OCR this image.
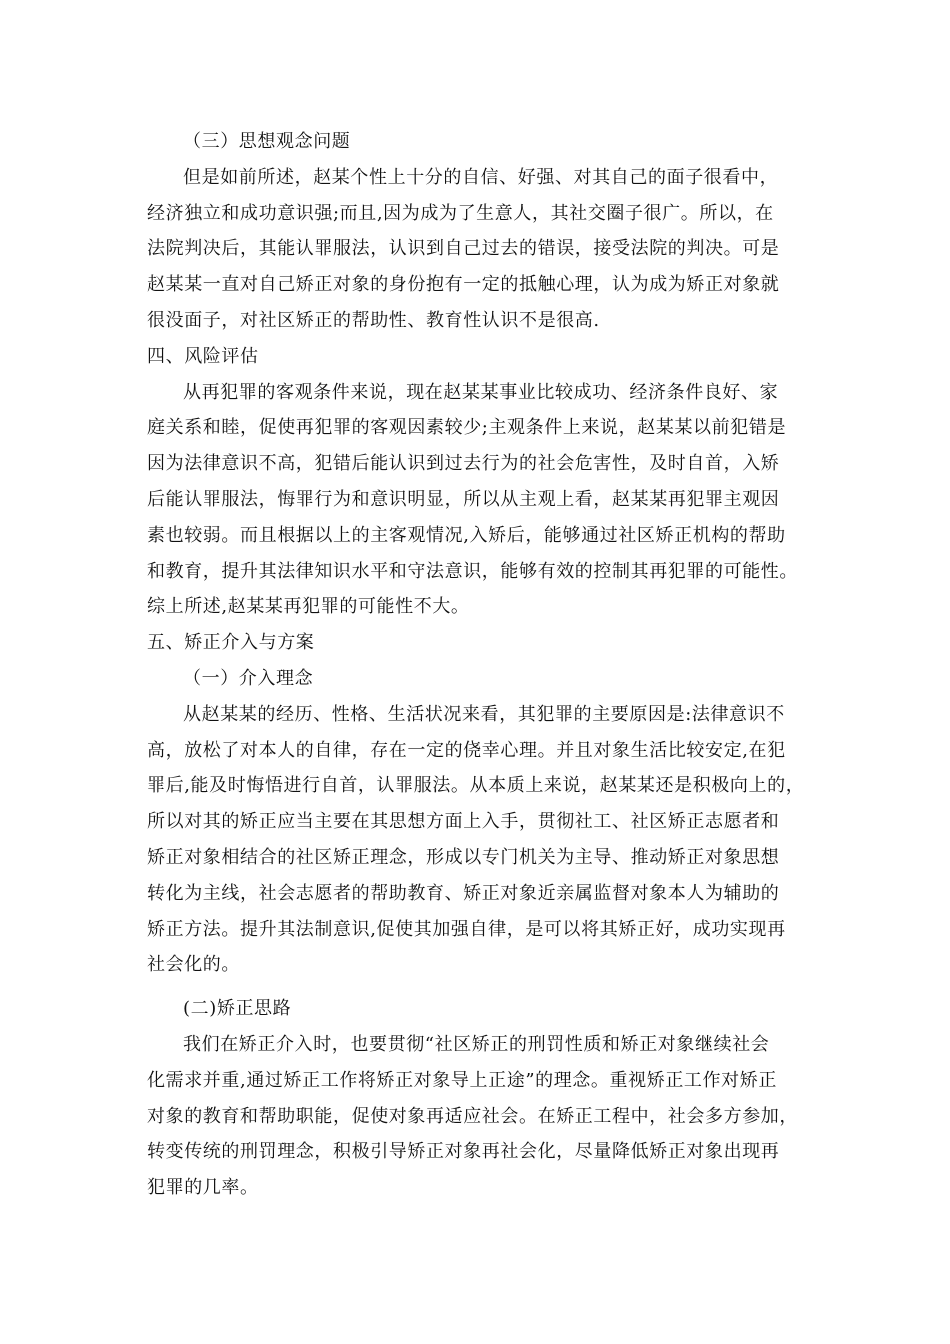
（三）思想观念问题
但是如前所述，赵某个性上十分的自信、好强、对其自己的面子很看中，
经济独立和成功意识强;而且,因为成为了生意人，其社交圈子很广。所以，在
法院判决后，其能认罪服法，认识到自己过去的错误，接受法院的判决。可是
赵某某一直对自己矫正对象的身份抱有一定的抵触心理，认为成为矫正对象就
很没面子，对社区矫正的帮助性、教育性认识不是很高.
四、风险评估
从再犯罪的客观条件来说，现在赵某某事业比较成功、经济条件良好、家
庭关系和睦，促使再犯罪的客观因素较少;主观条件上来说，赵某某以前犯错是
因为法律意识不高，犯错后能认识到过去行为的社会危害性，及时自首，入矫
后能认罪服法，悔罪行为和意识明显，所以从主观上看，赵某某再犯罪主观因
素也较弱。而且根据以上的主客观情况,入矫后，能够通过社区矫正机构的帮助
和教育，提升其法律知识水平和守法意识，能够有效的控制其再犯罪的可能性。
综上所述,赵某某再犯罪的可能性不大。
五、矫正介入与方案
（一）介入理念
从赵某某的经历、性格、生活状况来看，其犯罪的主要原因是:法律意识不
高，放松了对本人的自律，存在一定的侥幸心理。并且对象生活比较安定,在犯
罪后,能及时悔悟进行自首，认罪服法。从本质上来说，赵某某还是积极向上的，
所以对其的矫正应当主要在其思想方面上入手，贯彻社工、社区矫正志愿者和
矫正对象相结合的社区矫正理念，形成以专门机关为主导、推动矫正对象思想
转化为主线，社会志愿者的帮助教育、矫正对象近亲属监督对象本人为辅助的
矫正方法。提升其法制意识,促使其加强自律，是可以将其矫正好，成功实现再
社会化的。
(二)矫正思路
我们在矫正介入时，也要贯彻“社区矫正的刑罚性质和矫正对象继续社会
化需求并重,通过矫正工作将矫正对象导上正途”的理念。重视矫正工作对矫正
对象的教育和帮助职能，促使对象再适应社会。在矫正工程中，社会多方参加，
转变传统的刑罚理念，积极引导矫正对象再社会化，尽量降低矫正对象出现再
犯罪的几率。
